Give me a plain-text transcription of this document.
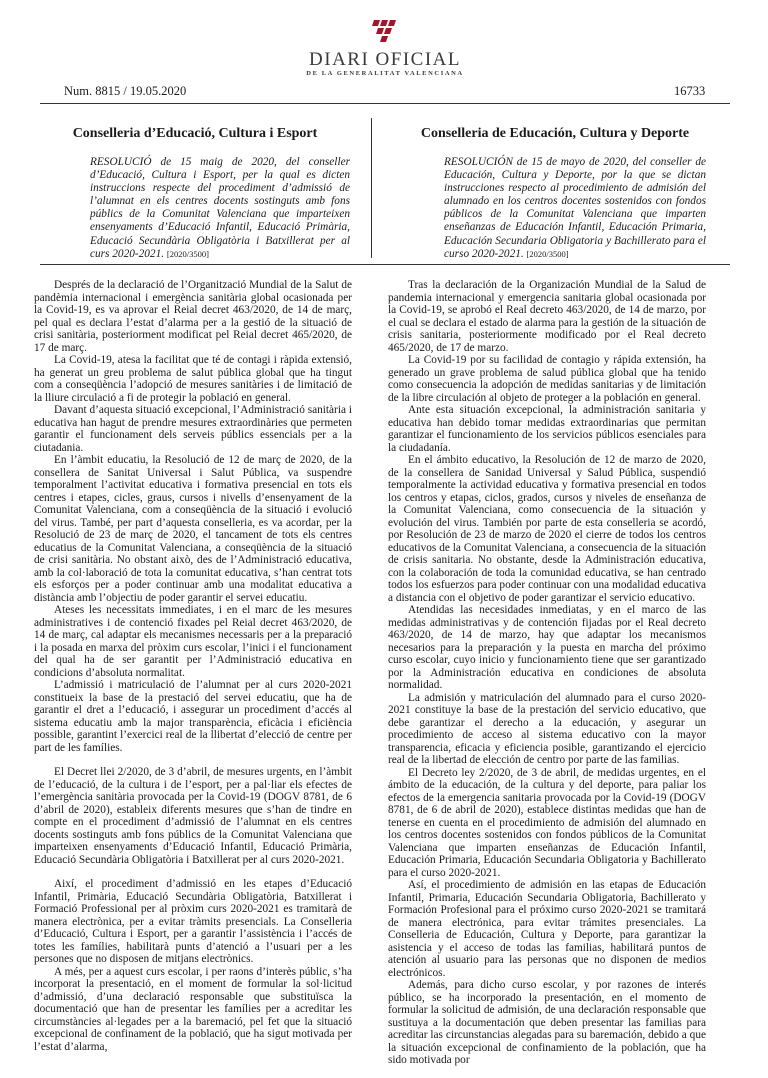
Num. 8815 / 19.05.2020
DIARI OFICIAL
DE LA GENERALITAT VALENCIANA
16733
Conselleria d’Educació, Cultura i Esport	Conselleria de Educación, Cultura y Deporte
RESOLUCIÓ de 15 maig de 2020, del conseller d’Educació, Cultura i Esport, per la qual es dicten instruccions respecte del procediment d’admissió de l’alumnat en els centres docents sostinguts amb fons públics de la Comunitat Valenciana que imparteixen ensenyaments d’Educació Infantil, Educació Primària, Educació Secundària Obligatòria i Batxillerat per al curs 2020-2021. [2020/3500]
RESOLUCIÓN de 15 de mayo de 2020, del conseller de Educación, Cultura y Deporte, por la que se dictan instrucciones respecto al procedimiento de admisión del alumnado en los centros docentes sostenidos con fondos públicos de la Comunitat Valenciana que imparten enseñanzas de Educación Infantil, Educación Primaria, Educación Secundaria Obligatoria y Bachillerato para el curso 2020-2021. [2020/3500]

Després de la declaració de l’Organització Mundial de la Salut de pandèmia internacional i emergència sanitària global ocasionada per la Covid-19, es va aprovar el Reial decret 463/2020, de 14 de març, pel qual es declara l’estat d’alarma per a la gestió de la situació de crisi sanitària, posteriorment modificat pel Reial decret 465/2020, de 17 de març.

La Covid-19, atesa la facilitat que té de contagi i ràpida extensió, ha generat un greu problema de salut pública global que ha tingut com a conseqüència l’adopció de mesures sanitàries i de limitació de la lliure circulació a fi de protegir la població en general.

Davant d’aquesta situació excepcional, l’Administració sanitària i educativa han hagut de prendre mesures extraordinàries que permeten garantir el funcionament dels serveis públics essencials per a la ciutadania.

En l’àmbit educatiu, la Resolució de 12 de març de 2020, de la consellera de Sanitat Universal i Salut Pública, va suspendre temporalment l’activitat educativa i formativa presencial en tots els centres i etapes, cicles, graus, cursos i nivells d’ensenyament de la Comunitat Valenciana, com a conseqüència de la situació i evolució del virus. També, per part d’aquesta conselleria, es va acordar, per la Resolució de 23 de març de 2020, el tancament de tots els centres educatius de la Comunitat Valenciana, a conseqüència de la situació de crisi sanitària. No obstant això, des de l’Administració educativa, amb la col·laboració de tota la comunitat educativa, s’han centrat tots els esforços per a poder continuar amb una modalitat educativa a distància amb l’objectiu de poder garantir el servei educatiu.

Ateses les necessitats immediates, i en el marc de les mesures administratives i de contenció fixades pel Reial decret 463/2020, de 14 de març, cal adaptar els mecanismes necessaris per a la preparació i la posada en marxa del pròxim curs escolar, l’inici i el funcionament del qual ha de ser garantit per l’Administració educativa en condicions d’absoluta normalitat.

L’admissió i matriculació de l’alumnat per al curs 2020-2021 constitueix la base de la prestació del servei educatiu, que ha de garantir el dret a l’educació, i assegurar un procediment d’accés al sistema educatiu amb la major transparència, eficàcia i eficiència possible, garantint l’exercici real de la llibertat d’elecció de centre per part de les famílies.

El Decret llei 2/2020, de 3 d’abril, de mesures urgents, en l’àmbit de l’educació, de la cultura i de l’esport, per a pal·liar els efectes de l’emergència sanitària provocada per la Covid-19 (DOGV 8781, de 6 d’abril de 2020), estableix diferents mesures que s’han de tindre en compte en el procediment d’admissió de l’alumnat en els centres docents sostinguts amb fons públics de la Comunitat Valenciana que imparteixen ensenyaments d’Educació Infantil, Educació Primària, Educació Secundària Obligatòria i Batxillerat per al curs 2020-2021.

Així, el procediment d’admissió en les etapes d’Educació Infantil, Primària, Educació Secundària Obligatòria, Batxillerat i Formació Professional per al pròxim curs 2020-2021 es tramitarà de manera electrònica, per a evitar tràmits presencials. La Conselleria d’Educació, Cultura i Esport, per a garantir l’assistència i l’accés de totes les famílies, habilitarà punts d’atenció a l’usuari per a les persones que no disposen de mitjans electrònics.

A més, per a aquest curs escolar, i per raons d’interès públic, s’ha incorporat la presentació, en el moment de formular la sol·licitud d’admissió, d’una declaració responsable que substituïsca la documentació que han de presentar les famílies per a acreditar les circumstàncies al·legades per a la baremació, pel fet que la situació excepcional de confinament de la població, que ha sigut motivada per l’estat d’alarma,

Tras la declaración de la Organización Mundial de la Salud de pandemia internacional y emergencia sanitaria global ocasionada por la Covid-19, se aprobó el Real decreto 463/2020, de 14 de marzo, por el cual se declara el estado de alarma para la gestión de la situación de crisis sanitaria, posteriormente modificado por el Real decreto 465/2020, de 17 de marzo.

La Covid-19 por su facilidad de contagio y rápida extensión, ha generado un grave problema de salud pública global que ha tenido como consecuencia la adopción de medidas sanitarias y de limitación de la libre circulación al objeto de proteger a la población en general.

Ante esta situación excepcional, la administración sanitaria y educativa han debido tomar medidas extraordinarias que permitan garantizar el funcionamiento de los servicios públicos esenciales para la ciudadanía.

En el ámbito educativo, la Resolución de 12 de marzo de 2020, de la consellera de Sanidad Universal y Salud Pública, suspendió temporalmente la actividad educativa y formativa presencial en todos los centros y etapas, ciclos, grados, cursos y niveles de enseñanza de la Comunitat Valenciana, como consecuencia de la situación y evolución del virus. También por parte de esta conselleria se acordó, por Resolución de 23 de marzo de 2020 el cierre de todos los centros educativos de la Comunitat Valenciana, a consecuencia de la situación de crisis sanitaria. No obstante, desde la Administración educativa, con la colaboración de toda la comunidad educativa, se han centrado todos los esfuerzos para poder continuar con una modalidad educativa a distancia con el objetivo de poder garantizar el servicio educativo.

Atendidas las necesidades inmediatas, y en el marco de las medidas administrativas y de contención fijadas por el Real decreto 463/2020, de 14 de marzo, hay que adaptar los mecanismos necesarios para la preparación y la puesta en marcha del próximo curso escolar, cuyo inicio y funcionamiento tiene que ser garantizado por la Administración educativa en condiciones de absoluta normalidad.

La admisión y matriculación del alumnado para el curso 2020-2021 constituye la base de la prestación del servicio educativo, que debe garantizar el derecho a la educación, y asegurar un procedimiento de acceso al sistema educativo con la mayor transparencia, eficacia y eficiencia posible, garantizando el ejercicio real de la libertad de elección de centro por parte de las familias.

El Decreto ley 2/2020, de 3 de abril, de medidas urgentes, en el ámbito de la educación, de la cultura y del deporte, para paliar los efectos de la emergencia sanitaria provocada por la Covid-19 (DOGV 8781, de 6 de abril de 2020), establece distintas medidas que han de tenerse en cuenta en el procedimiento de admisión del alumnado en los centros docentes sostenidos con fondos públicos de la Comunitat Valenciana que imparten enseñanzas de Educación Infantil, Educación Primaria, Educación Secundaria Obligatoria y Bachillerato para el curso 2020-2021.

Así, el procedimiento de admisión en las etapas de Educación Infantil, Primaria, Educación Secundaria Obligatoria, Bachillerato y Formación Profesional para el próximo curso 2020-2021 se tramitará de manera electrónica, para evitar trámites presenciales. La Conselleria de Educación, Cultura y Deporte, para garantizar la asistencia y el acceso de todas las familias, habilitará puntos de atención al usuario para las personas que no disponen de medios electrónicos.

Además, para dicho curso escolar, y por razones de interés público, se ha incorporado la presentación, en el momento de formular la solicitud de admisión, de una declaración responsable que sustituya a la documentación que deben presentar las familias para acreditar las circunstancias alegadas para su baremación, debido a que la situación excepcional de confinamiento de la población, que ha sido motivada por
